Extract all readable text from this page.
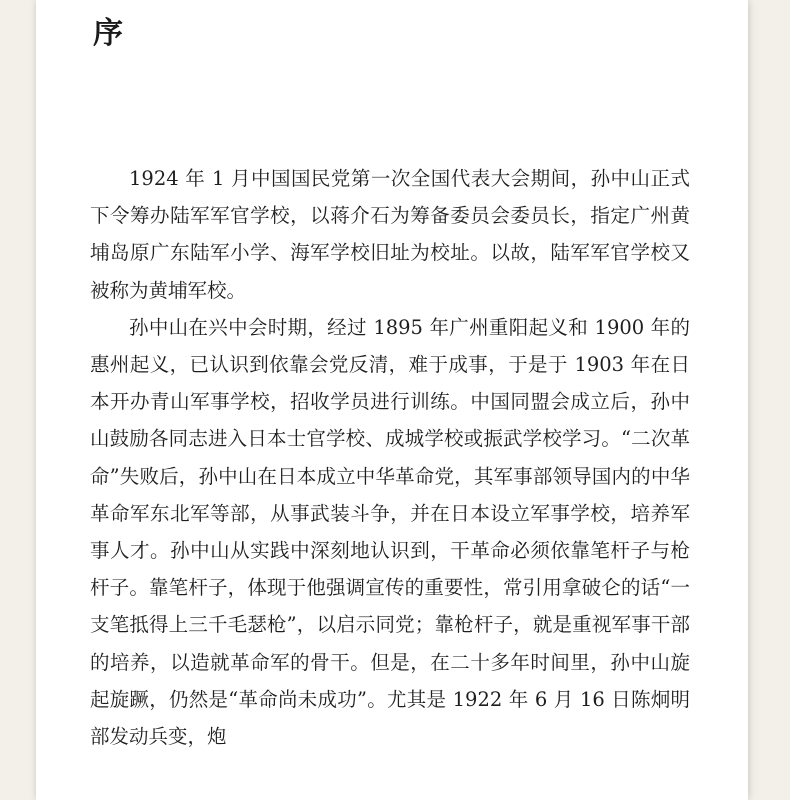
序

1924 年 1 月中国国民党第一次全国代表大会期间，孙中山正式下令筹办陆军军官学校，以蒋介石为筹备委员会委员长，指定广州黄埔岛原广东陆军小学、海军学校旧址为校址。以故，陆军军官学校又被称为黄埔军校。

孙中山在兴中会时期，经过 1895 年广州重阳起义和 1900 年的惠州起义，已认识到依靠会党反清，难于成事，于是于 1903 年在日本开办青山军事学校，招收学员进行训练。中国同盟会成立后，孙中山鼓励各同志进入日本士官学校、成城学校或振武学校学习。“二次革命”失败后，孙中山在日本成立中华革命党，其军事部领导国内的中华革命军东北军等部，从事武装斗争，并在日本设立军事学校，培养军事人才。孙中山从实践中深刻地认识到，干革命必须依靠笔杆子与枪杆子。靠笔杆子，体现于他强调宣传的重要性，常引用拿破仑的话“一支笔抵得上三千毛瑟枪”，以启示同党；靠枪杆子，就是重视军事干部的培养，以造就革命军的骨干。但是，在二十多年时间里，孙中山旋起旋蹶，仍然是“革命尚未成功”。尤其是 1922 年 6 月 16 日陈炯明部发动兵变，炮
